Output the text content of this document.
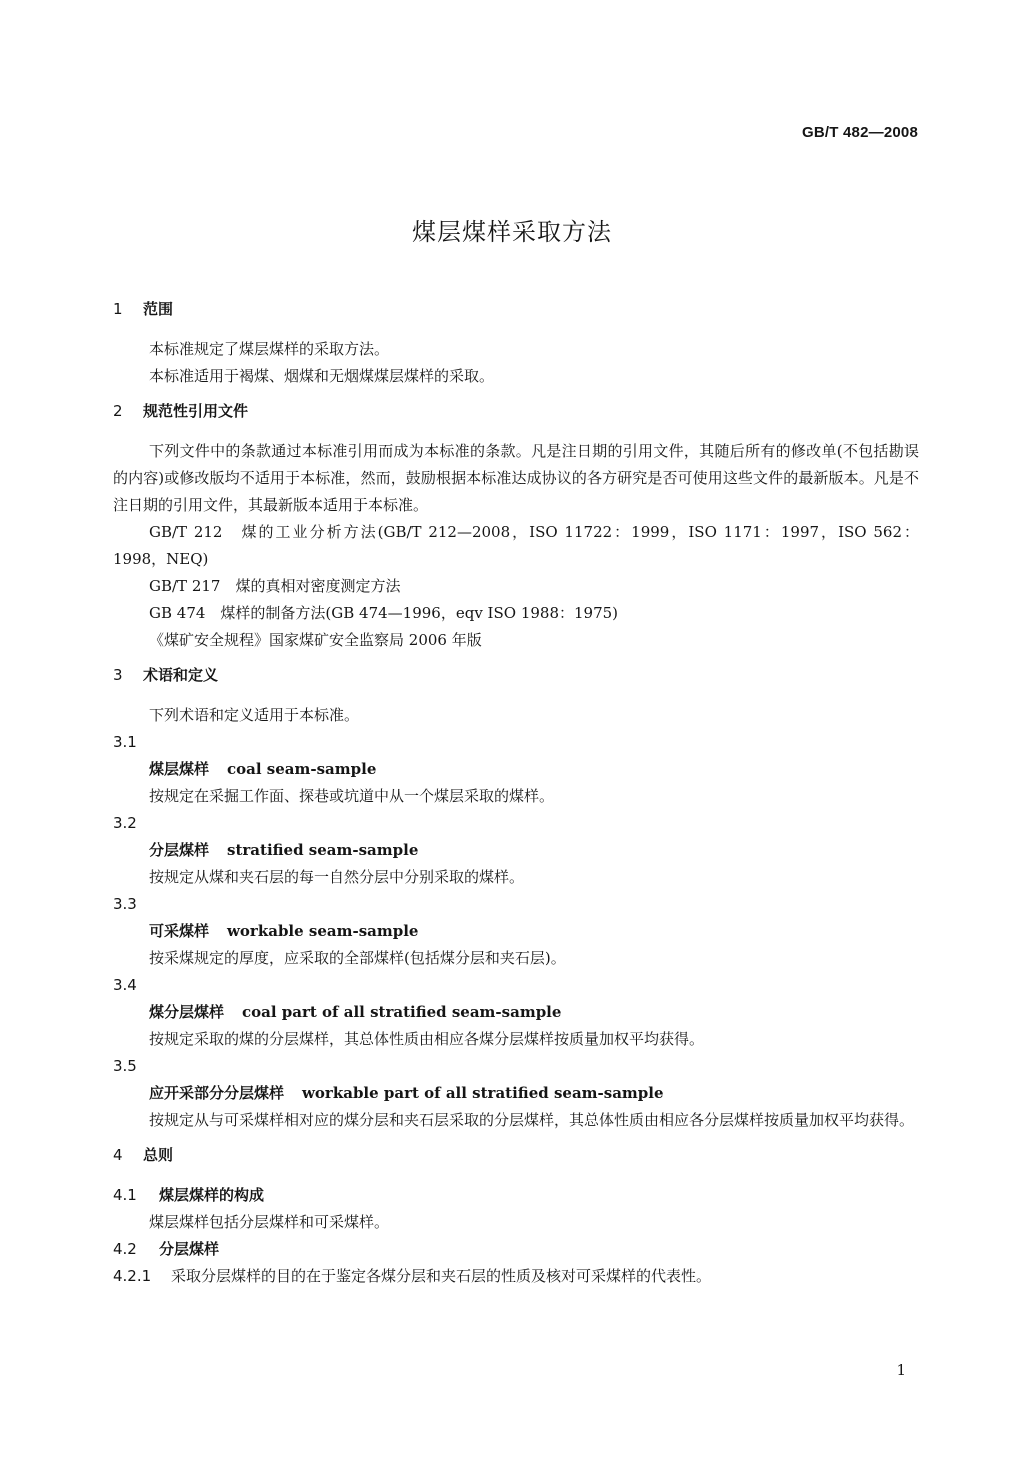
GB/T 482—2008
煤层煤样采取方法
1 范围
本标准规定了煤层煤样的采取方法。
本标准适用于褐煤、烟煤和无烟煤煤层煤样的采取。
2 规范性引用文件
下列文件中的条款通过本标准引用而成为本标准的条款。凡是注日期的引用文件，其随后所有的修改单(不包括勘误的内容)或修改版均不适用于本标准，然而，鼓励根据本标准达成协议的各方研究是否可使用这些文件的最新版本。凡是不注日期的引用文件，其最新版本适用于本标准。
GB/T 212　煤的工业分析方法(GB/T 212—2008，ISO 11722：1999，ISO 1171：1997，ISO 562：1998，NEQ)
GB/T 217　煤的真相对密度测定方法
GB 474　煤样的制备方法(GB 474—1996，eqv ISO 1988：1975)
《煤矿安全规程》国家煤矿安全监察局 2006 年版
3 术语和定义
下列术语和定义适用于本标准。
3.1
煤层煤样 coal seam-sample
按规定在采掘工作面、探巷或坑道中从一个煤层采取的煤样。
3.2
分层煤样 stratified seam-sample
按规定从煤和夹石层的每一自然分层中分别采取的煤样。
3.3
可采煤样 workable seam-sample
按采煤规定的厚度，应采取的全部煤样(包括煤分层和夹石层)。
3.4
煤分层煤样 coal part of all stratified seam-sample
按规定采取的煤的分层煤样，其总体性质由相应各煤分层煤样按质量加权平均获得。
3.5
应开采部分分层煤样 workable part of all stratified seam-sample
按规定从与可采煤样相对应的煤分层和夹石层采取的分层煤样，其总体性质由相应各分层煤样按质量加权平均获得。
4 总则
4.1 煤层煤样的构成
煤层煤样包括分层煤样和可采煤样。
4.2 分层煤样
4.2.1 采取分层煤样的目的在于鉴定各煤分层和夹石层的性质及核对可采煤样的代表性。
1
